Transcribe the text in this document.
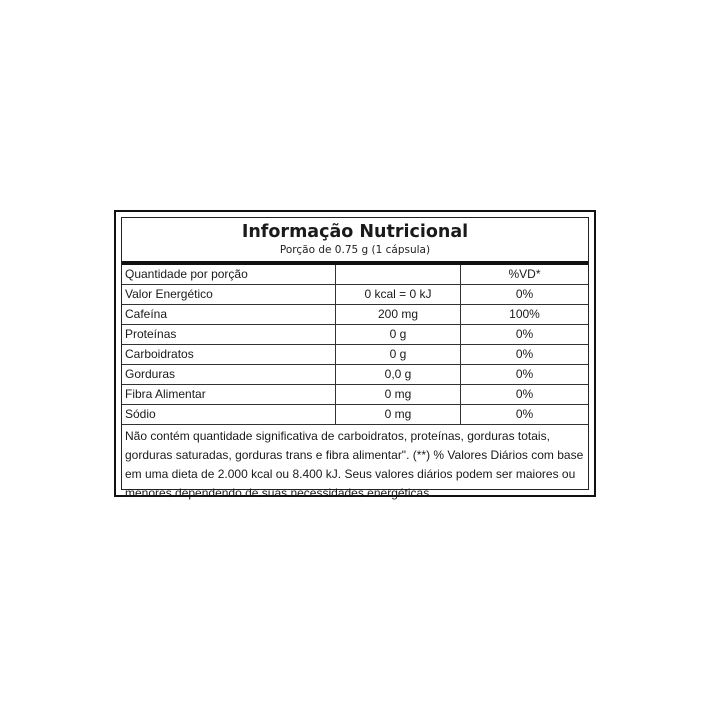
Informação Nutricional
Porção de 0.75 g (1 cápsula)
Quantidade por porção		%VD*
Valor Energético	0 kcal = 0 kJ	0%
Cafeína	200 mg	100%
Proteínas	0 g	0%
Carboidratos	0 g	0%
Gorduras	0,0 g	0%
Fibra Alimentar	0 mg	0%
Sódio	0 mg	0%
Não contém quantidade significativa de carboidratos, proteínas, gorduras totais, gorduras saturadas, gorduras trans e fibra alimentar". (**) % Valores Diários com base em uma dieta de 2.000 kcal ou 8.400 kJ. Seus valores diários podem ser maiores ou menores dependendo de suas necessidades energéticas.
